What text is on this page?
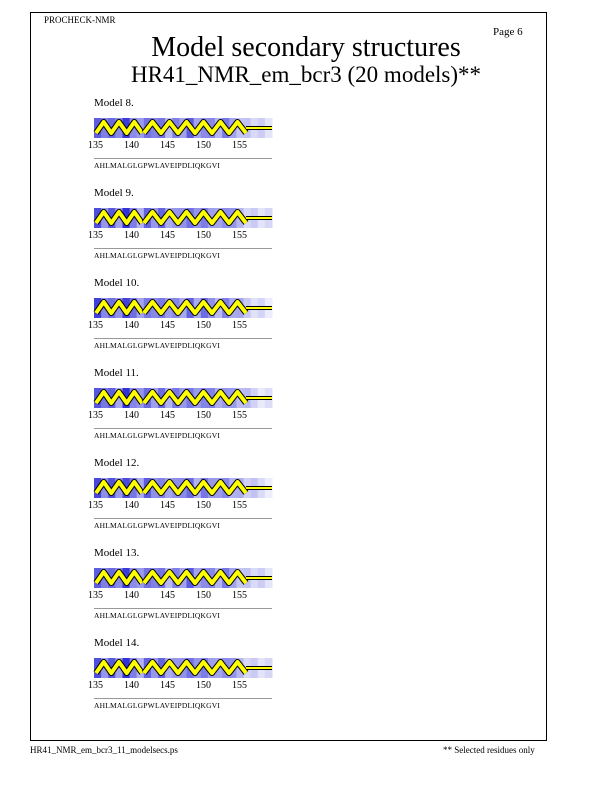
PROCHECK-NMR
Page 6
Model secondary structures
HR41_NMR_em_bcr3 (20 models)**
Model 8.
135 140 145 150 155
AHLMALGLGPWLAVEIPDLIQKGVI
Model 9.
135 140 145 150 155
AHLMALGLGPWLAVEIPDLIQKGVI
Model 10.
135 140 145 150 155
AHLMALGLGPWLAVEIPDLIQKGVI
Model 11.
135 140 145 150 155
AHLMALGLGPWLAVEIPDLIQKGVI
Model 12.
135 140 145 150 155
AHLMALGLGPWLAVEIPDLIQKGVI
Model 13.
135 140 145 150 155
AHLMALGLGPWLAVEIPDLIQKGVI
Model 14.
135 140 145 150 155
AHLMALGLGPWLAVEIPDLIQKGVI
HR41_NMR_em_bcr3_11_modelsecs.ps	** Selected residues only
